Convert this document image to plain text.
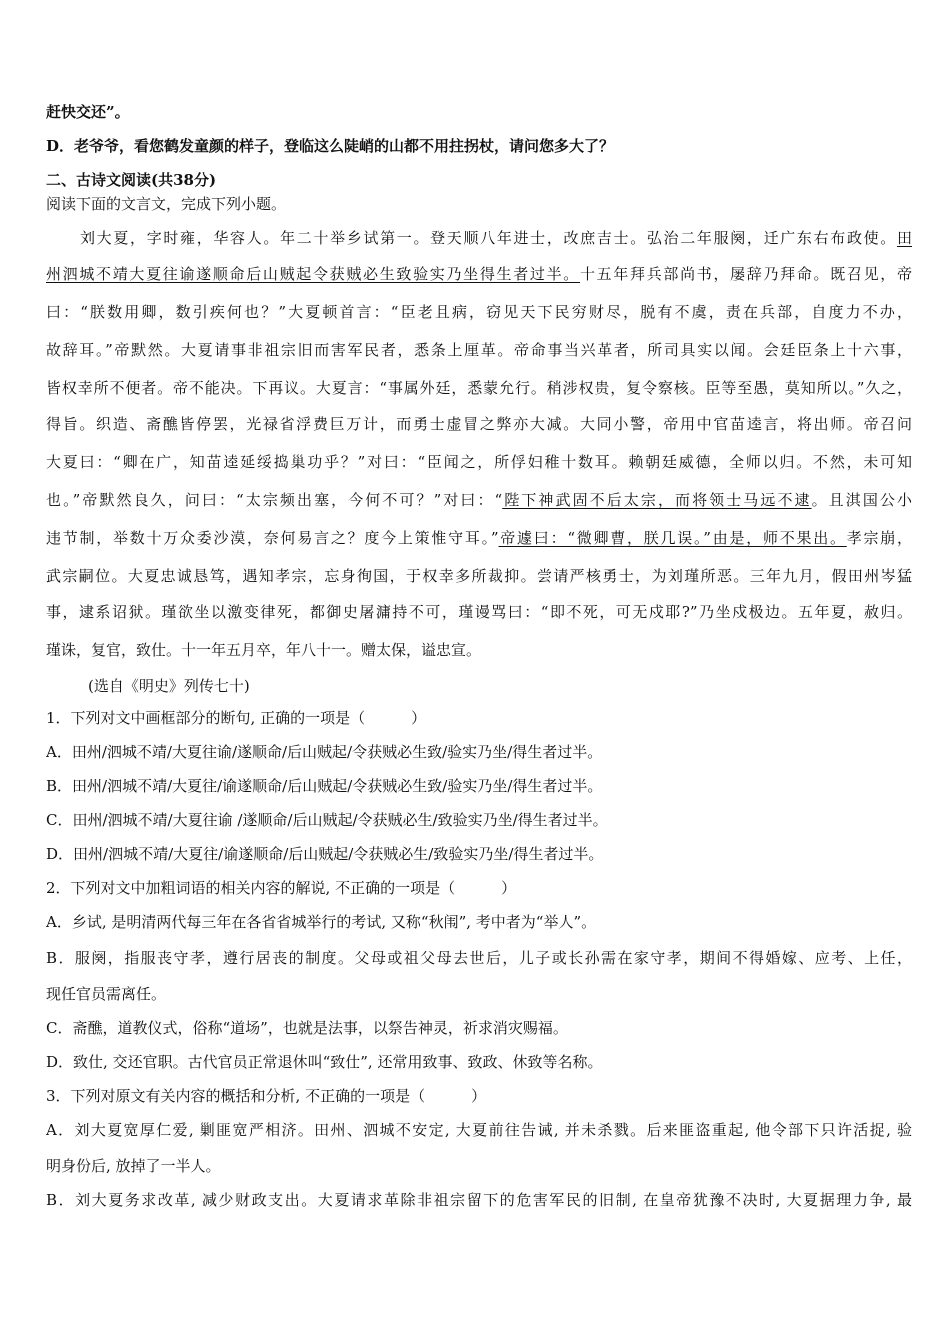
赶快交还”。
D．老爷爷，看您鹤发童颜的样子，登临这么陡峭的山都不用拄拐杖，请问您多大了？
二、古诗文阅读(共38分)
阅读下面的文言文，完成下列小题。
刘大夏，字时雍，华容人。年二十举乡试第一。登天顺八年进士，改庶吉士。弘治二年服阕，迁广东右布政使。田
州泗城不靖大夏往谕遂顺命后山贼起令获贼必生致验实乃坐得生者过半。十五年拜兵部尚书，屡辞乃拜命。既召见，帝
曰：“朕数用卿，数引疾何也？”大夏顿首言：“臣老且病，窃见天下民穷财尽，脱有不虞，责在兵部，自度力不办，
故辞耳。”帝默然。大夏请事非祖宗旧而害军民者，悉条上厘革。帝命事当兴革者，所司具实以闻。会廷臣条上十六事，
皆权幸所不便者。帝不能决。下再议。大夏言：“事属外廷，悉蒙允行。稍涉权贵，复令察核。臣等至愚，莫知所以。”久之，
得旨。织造、斋醮皆停罢，光禄省浮费巨万计，而勇士虚冒之弊亦大减。大同小警，帝用中官苗逵言，将出师。帝召问
大夏曰：“卿在广，知苗逵延绥捣巢功乎？”对曰：“臣闻之，所俘妇稚十数耳。赖朝廷威德，全师以归。不然，未可知
也。”帝默然良久，问曰：“太宗频出塞，今何不可？”对曰：“陛下神武固不后太宗，而将领士马远不逮。且淇国公小
违节制，举数十万众委沙漠，奈何易言之？度今上策惟守耳。”帝遽曰：“微卿曹，朕几误。”由是，师不果出。孝宗崩，
武宗嗣位。大夏忠诚恳笃，遇知孝宗，忘身徇国，于权幸多所裁抑。尝请严核勇士，为刘瑾所恶。三年九月，假田州岑猛
事，逮系诏狱。瑾欲坐以激变律死，都御史屠滽持不可，瑾谩骂曰：“即不死，可无戍耶?”乃坐戍极边。五年夏，赦归。
瑾诛，复官，致仕。十一年五月卒，年八十一。赠太保，谥忠宣。
(选自《明史》列传七十)
1．下列对文中画框部分的断句, 正确的一项是（	）
A．田州/泗城不靖/大夏往谕/遂顺命/后山贼起/令获贼必生致/验实乃坐/得生者过半。
B．田州/泗城不靖/大夏往/谕遂顺命/后山贼起/令获贼必生致/验实乃坐/得生者过半。
C．田州/泗城不靖/大夏往谕 /遂顺命/后山贼起/令获贼必生/致验实乃坐/得生者过半。
D．田州/泗城不靖/大夏往/谕遂顺命/后山贼起/令获贼必生/致验实乃坐/得生者过半。
2．下列对文中加粗词语的相关内容的解说, 不正确的一项是（	）
A．乡试, 是明清两代每三年在各省省城举行的考试, 又称“秋闱”, 考中者为“举人”。
B．服阕，指服丧守孝，遵行居丧的制度。父母或祖父母去世后，儿子或长孙需在家守孝，期间不得婚嫁、应考、上任，
现任官员需离任。
C．斋醮，道教仪式，俗称“道场”，也就是法事，以祭告神灵，祈求消灾赐福。
D．致仕, 交还官职。古代官员正常退休叫“致仕”, 还常用致事、致政、休致等名称。
3．下列对原文有关内容的概括和分析, 不正确的一项是（	）
A．刘大夏宽厚仁爱, 剿匪宽严相济。田州、泗城不安定, 大夏前往告诫, 并未杀戮。后来匪盗重起, 他令部下只许活捉, 验
明身份后, 放掉了一半人。
B．刘大夏务求改革, 减少财政支出。大夏请求革除非祖宗留下的危害军民的旧制, 在皇帝犹豫不决时, 大夏据理力争, 最
